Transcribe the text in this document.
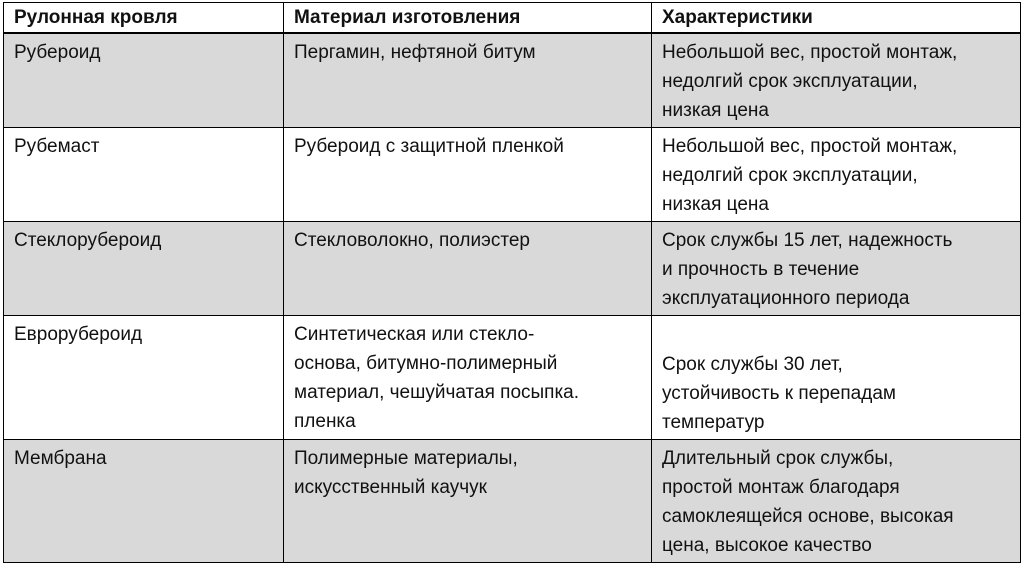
Рулонная кровля	Материал изготовления	Характеристики

Рубероид	Пергамин, нефтяной битум	Небольшой вес, простой монтаж,
недолгий срок эксплуатации,
низкая цена

Рубемаст	Рубероид с защитной пленкой	Небольшой вес, простой монтаж,
недолгий срок эксплуатации,
низкая цена

Стеклорубероид	Стекловолокно, полиэстер	Срок службы 15 лет, надежность
и прочность в течение
эксплуатационного периода

Еврорубероид	Синтетическая или стекло-
основа, битумно-полимерный
материал, чешуйчатая посыпка.
пленка	Срок службы 30 лет,
устойчивость к перепадам
температур

Мембрана	Полимерные материалы,
искусственный каучук	Длительный срок службы,
простой монтаж благодаря
самоклеящейся основе, высокая
цена, высокое качество
